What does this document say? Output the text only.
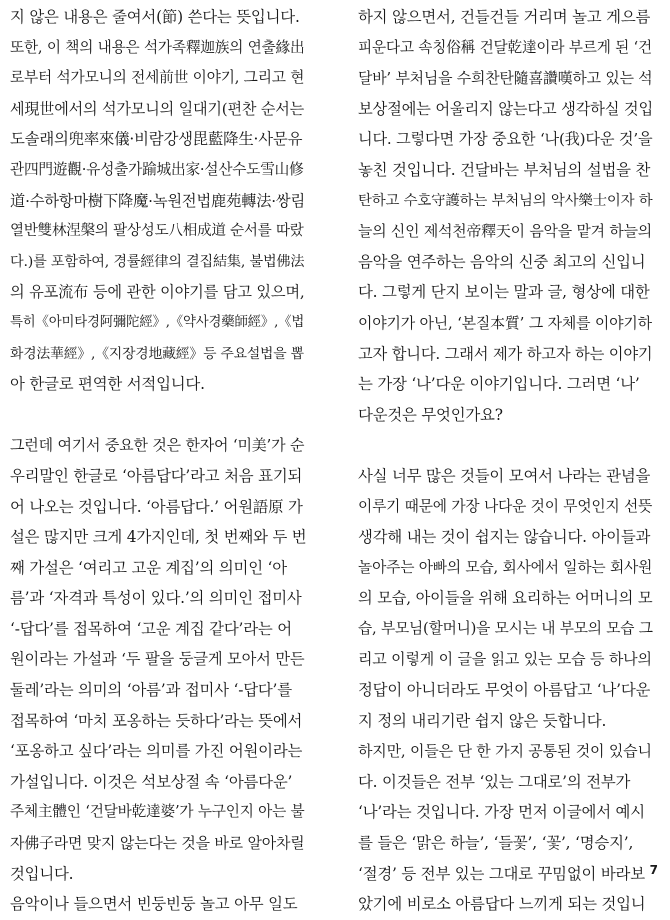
지 않은 내용은 줄여서(節) 쓴다는 뜻입니다.
또한, 이 책의 내용은 석가족釋迦族의 연출緣出
로부터 석가모니의 전세前世 이야기, 그리고 현
세現世에서의 석가모니의 일대기(편찬 순서는
도솔래의兜率來儀·비람강생毘藍降生·사문유
관四門遊觀·유성출가踰城出家·설산수도雪山修
道·수하항마樹下降魔·녹원전법鹿苑轉法·쌍림
열반雙林涅槃의 팔상성도八相成道 순서를 따랐
다.)를 포함하여, 경률經律의 결집結集, 불법佛法
의 유포流布 등에 관한 이야기를 담고 있으며,
특히《아미타경阿彌陀經》,《약사경藥師經》,《법
화경法華經》,《지장경地藏經》등 주요설법을 뽑
아 한글로 편역한 서적입니다.
그런데 여기서 중요한 것은 한자어 ‘미美’가 순
우리말인 한글로 ‘아름답다’라고 처음 표기되
어 나오는 것입니다. ‘아름답다.’ 어원語原 가
설은 많지만 크게 4가지인데, 첫 번째와 두 번
째 가설은 ‘여리고 고운 계집’의 의미인 ‘아
름’과 ‘자격과 특성이 있다.’의 의미인 접미사
‘-답다’를 접목하여 ‘고운 계집 같다’라는 어
원이라는 가설과 ‘두 팔을 둥글게 모아서 만든
둘레’라는 의미의 ‘아름’과 접미사 ‘-답다’를
접목하여 ‘마치 포옹하는 듯하다’라는 뜻에서
‘포옹하고 싶다’라는 의미를 가진 어원이라는
가설입니다. 이것은 석보상절 속 ‘아름다운’
주체主體인 ‘건달바乾達婆’가 누구인지 아는 불
자佛子라면 맞지 않는다는 것을 바로 알아차릴
것입니다.
음악이나 들으면서 빈둥빈둥 놀고 아무 일도
하지 않으면서, 건들건들 거리며 놀고 게으름
피운다고 속칭俗稱 건달乾達이라 부르게 된 ‘건
달바’ 부처님을 수희찬탄隨喜讚嘆하고 있는 석
보상절에는 어울리지 않는다고 생각하실 것입
니다. 그렇다면 가장 중요한 ‘나(我)다운 것’을
놓친 것입니다. 건달바는 부처님의 설법을 찬
탄하고 수호守護하는 부처님의 악사樂士이자 하
늘의 신인 제석천帝釋天이 음악을 맡겨 하늘의
음악을 연주하는 음악의 신중 최고의 신입니
다. 그렇게 단지 보이는 말과 글, 형상에 대한
이야기가 아닌, ‘본질本質’ 그 자체를 이야기하
고자 합니다. 그래서 제가 하고자 하는 이야기
는 가장 ‘나’다운 이야기입니다. 그러면 ‘나’
다운것은 무엇인가요?
사실 너무 많은 것들이 모여서 나라는 관념을
이루기 때문에 가장 나다운 것이 무엇인지 선뜻
생각해 내는 것이 쉽지는 않습니다. 아이들과
놀아주는 아빠의 모습, 회사에서 일하는 회사원
의 모습, 아이들을 위해 요리하는 어머니의 모
습, 부모님(할머니)을 모시는 내 부모의 모습 그
리고 이렇게 이 글을 읽고 있는 모습 등 하나의
정답이 아니더라도 무엇이 아름답고 ‘나’다운
지 정의 내리기란 쉽지 않은 듯합니다.
하지만, 이들은 단 한 가지 공통된 것이 있습니
다. 이것들은 전부 ‘있는 그대로’의 전부가
‘나’라는 것입니다. 가장 먼저 이글에서 예시
를 들은 ‘맑은 하늘’, ‘들꽃’, ‘꽃’, ‘명승지’,
‘절경’ 등 전부 있는 그대로 꾸밈없이 바라보
았기에 비로소 아름답다 느끼게 되는 것입니
7
